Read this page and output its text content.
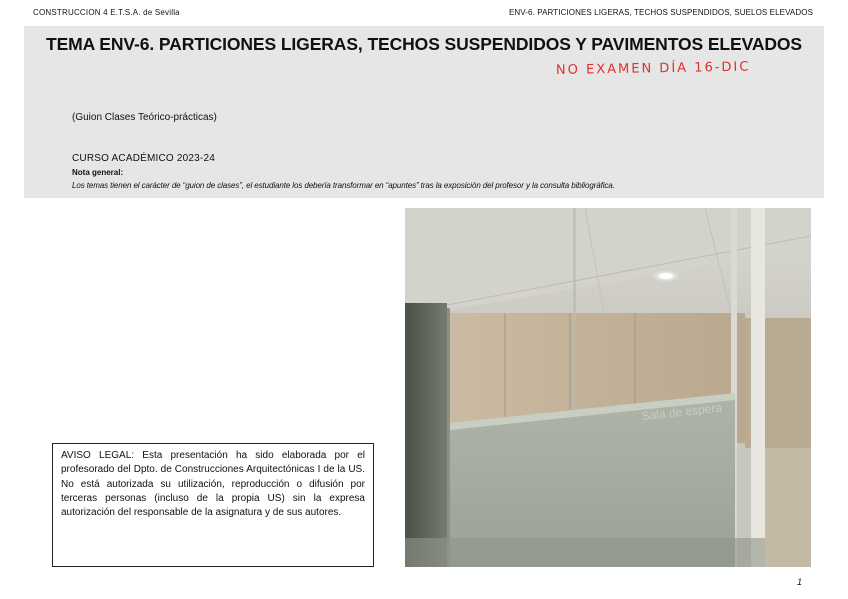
CONSTRUCCION 4 E.T.S.A. de Sevilla	ENV-6. PARTICIONES LIGERAS, TECHOS SUSPENDIDOS, SUELOS ELEVADOS
TEMA ENV-6. PARTICIONES LIGERAS, TECHOS SUSPENDIDOS Y PAVIMENTOS ELEVADOS
NO EXAMEN DÍA 16-DIC
(Guion Clases Teórico-prácticas)
CURSO ACADÉMICO 2023-24
Nota general:
Los temas tienen el carácter de “guion de clases”, el estudiante los debería transformar en “apuntes” tras la exposición del profesor y la consulta bibliográfica.
Sala de espera
AVISO LEGAL: Esta presentación ha sido elaborada por el profesorado del Dpto. de Construcciones Arquitectónicas I de la US. No está autorizada su utilización, reproducción o difusión por terceras personas (incluso de la propia US) sin la expresa autorización del responsable de la asignatura y de sus autores.
1
